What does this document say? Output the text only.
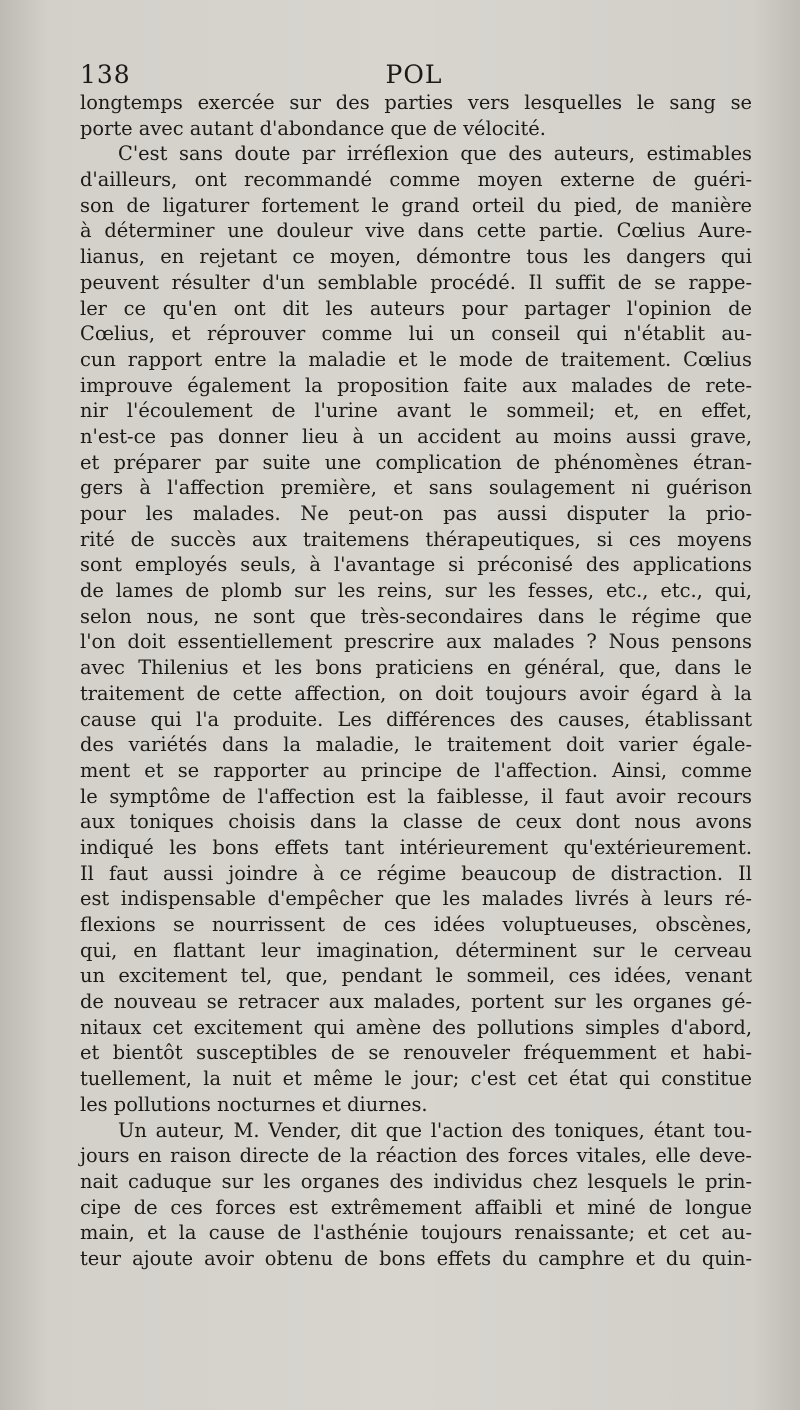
138	POL
longtemps exercée sur des parties vers lesquelles le sang se
porte avec autant d'abondance que de vélocité.
C'est sans doute par irréflexion que des auteurs, estimables
d'ailleurs, ont recommandé comme moyen externe de guéri-
son de ligaturer fortement le grand orteil du pied, de manière
à déterminer une douleur vive dans cette partie. Cœlius Aure-
lianus, en rejetant ce moyen, démontre tous les dangers qui
peuvent résulter d'un semblable procédé. Il suffit de se rappe-
ler ce qu'en ont dit les auteurs pour partager l'opinion de
Cœlius, et réprouver comme lui un conseil qui n'établit au-
cun rapport entre la maladie et le mode de traitement. Cœlius
improuve également la proposition faite aux malades de rete-
nir l'écoulement de l'urine avant le sommeil; et, en effet,
n'est-ce pas donner lieu à un accident au moins aussi grave,
et préparer par suite une complication de phénomènes étran-
gers à l'affection première, et sans soulagement ni guérison
pour les malades. Ne peut-on pas aussi disputer la prio-
rité de succès aux traitemens thérapeutiques, si ces moyens
sont employés seuls, à l'avantage si préconisé des applications
de lames de plomb sur les reins, sur les fesses, etc., etc., qui,
selon nous, ne sont que très-secondaires dans le régime que
l'on doit essentiellement prescrire aux malades ? Nous pensons
avec Thilenius et les bons praticiens en général, que, dans le
traitement de cette affection, on doit toujours avoir égard à la
cause qui l'a produite. Les différences des causes, établissant
des variétés dans la maladie, le traitement doit varier égale-
ment et se rapporter au principe de l'affection. Ainsi, comme
le symptôme de l'affection est la faiblesse, il faut avoir recours
aux toniques choisis dans la classe de ceux dont nous avons
indiqué les bons effets tant intérieurement qu'extérieurement.
Il faut aussi joindre à ce régime beaucoup de distraction. Il
est indispensable d'empêcher que les malades livrés à leurs ré-
flexions se nourrissent de ces idées voluptueuses, obscènes,
qui, en flattant leur imagination, déterminent sur le cerveau
un excitement tel, que, pendant le sommeil, ces idées, venant
de nouveau se retracer aux malades, portent sur les organes gé-
nitaux cet excitement qui amène des pollutions simples d'abord,
et bientôt susceptibles de se renouveler fréquemment et habi-
tuellement, la nuit et même le jour; c'est cet état qui constitue
les pollutions nocturnes et diurnes.
Un auteur, M. Vender, dit que l'action des toniques, étant tou-
jours en raison directe de la réaction des forces vitales, elle deve-
nait caduque sur les organes des individus chez lesquels le prin-
cipe de ces forces est extrêmement affaibli et miné de longue
main, et la cause de l'asthénie toujours renaissante; et cet au-
teur ajoute avoir obtenu de bons effets du camphre et du quin-
